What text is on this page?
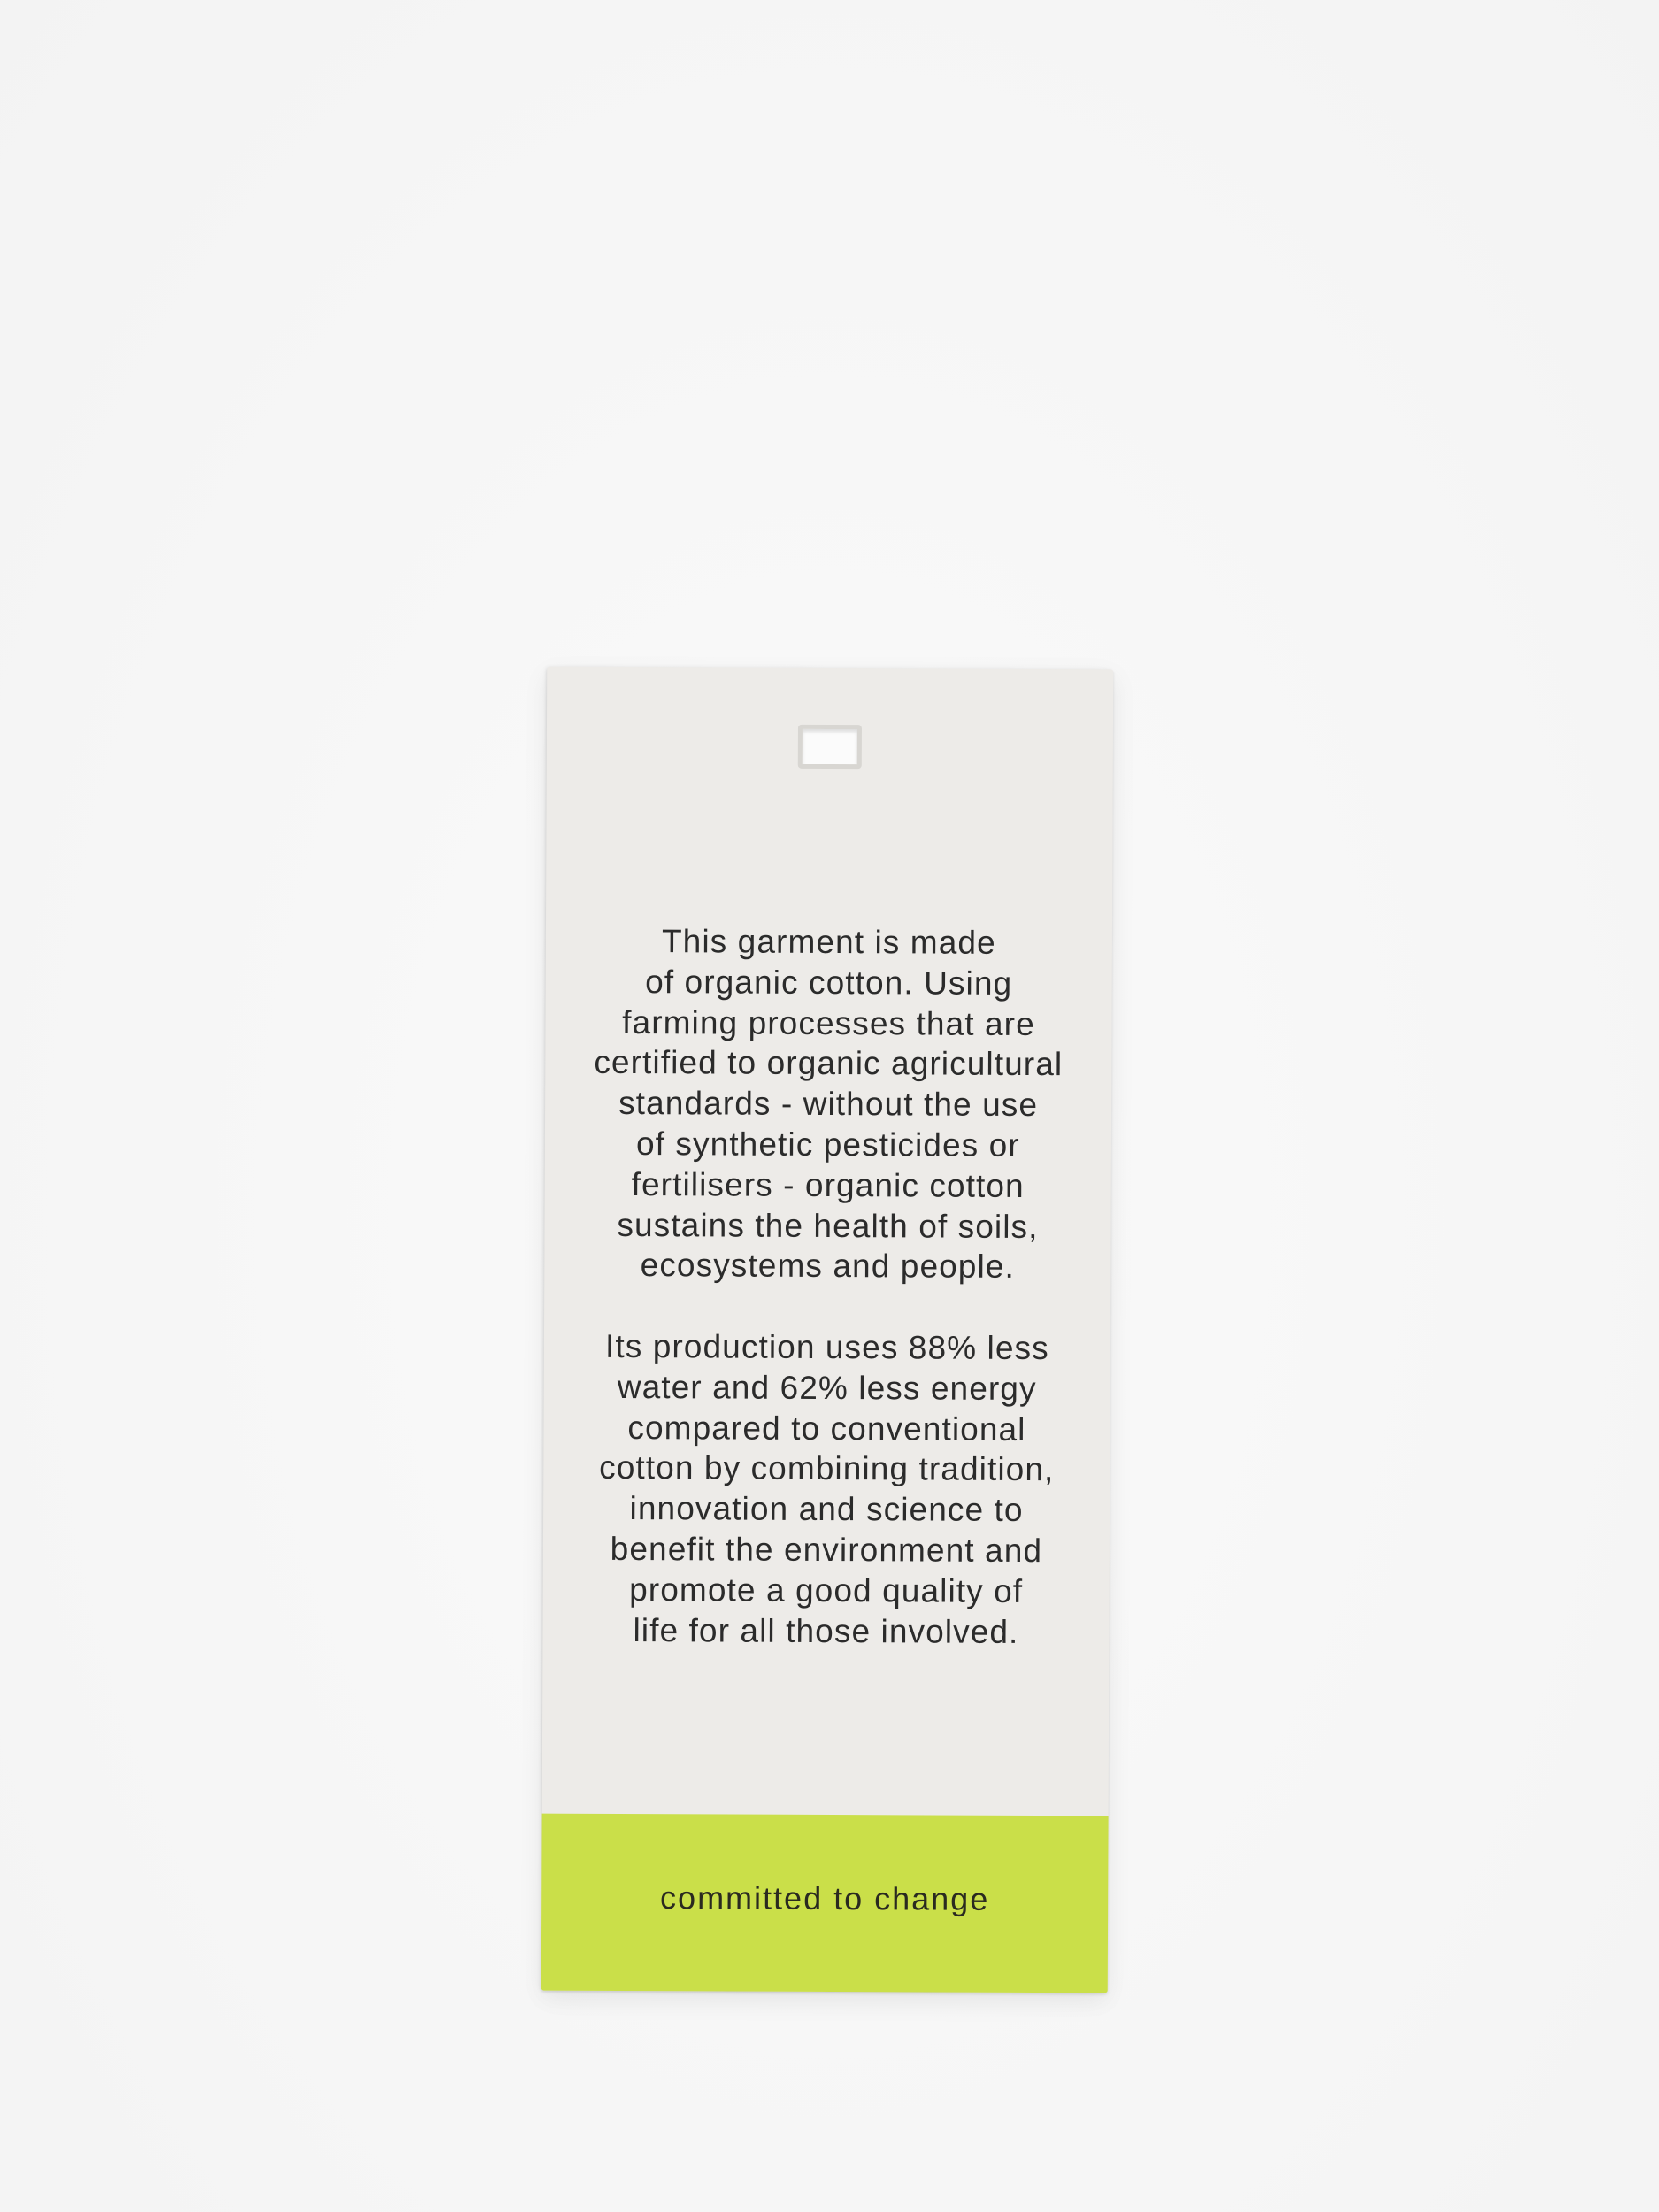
This garment is made
of organic cotton. Using
farming processes that are
certified to organic agricultural
standards - without the use
of synthetic pesticides or
fertilisers - organic cotton
sustains the health of soils,
ecosystems and people.

Its production uses 88% less
water and 62% less energy
compared to conventional
cotton by combining tradition,
innovation and science to
benefit the environment and
promote a good quality of
life for all those involved.

committed to change
